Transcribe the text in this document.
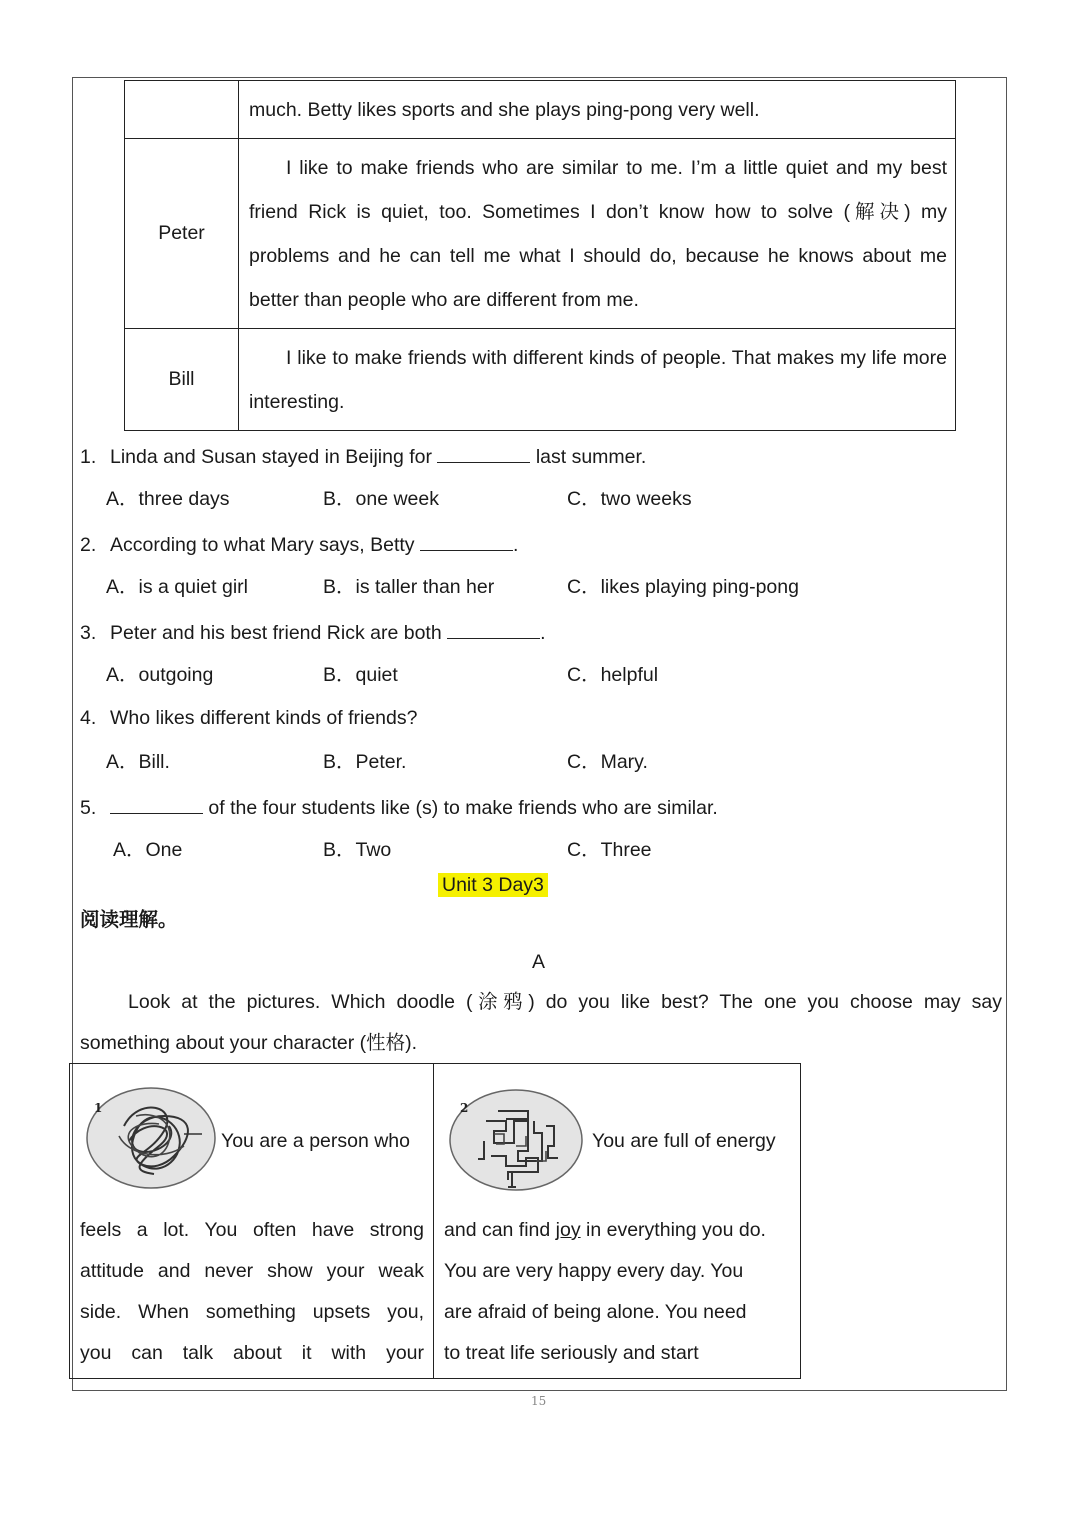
	much. Betty likes sports and she plays ping-pong very well.

Peter	I like to make friends who are similar to me. I’m a little quiet and my best friend Rick is quiet, too. Sometimes I don’t know how to solve (解决) my problems and he can tell me what I should do, because he knows about me better than people who are different from me.

Bill	I like to make friends with different kinds of people. That makes my life more interesting.

1. Linda and Susan stayed in Beijing for	last summer.
A．three days	B．one week	C．two weeks
2. According to what Mary says, Betty	.
A．is a quiet girl	B．is taller than her	C．likes playing ping-pong
3. Peter and his best friend Rick are both	.
A．outgoing	B．quiet	C．helpful
4. Who likes different kinds of friends?
A．Bill.	B．Peter.	C．Mary.
5.	of the four students like (s) to make friends who are similar.
A．One	B．Two	C．Three
Unit 3 Day3
阅读理解。
A
Look at the pictures. Which doodle (涂鸦) do you like best? The one you choose may say
something about your character (性格).
1
You are a person who
feels a lot. You often have strong
attitude and never show your weak
side. When something upsets you,
you can talk about it with your
2
You are full of energy
and can find joy in everything you do.
You are very happy every day. You
are afraid of being alone. You need
to treat life seriously and start
15
